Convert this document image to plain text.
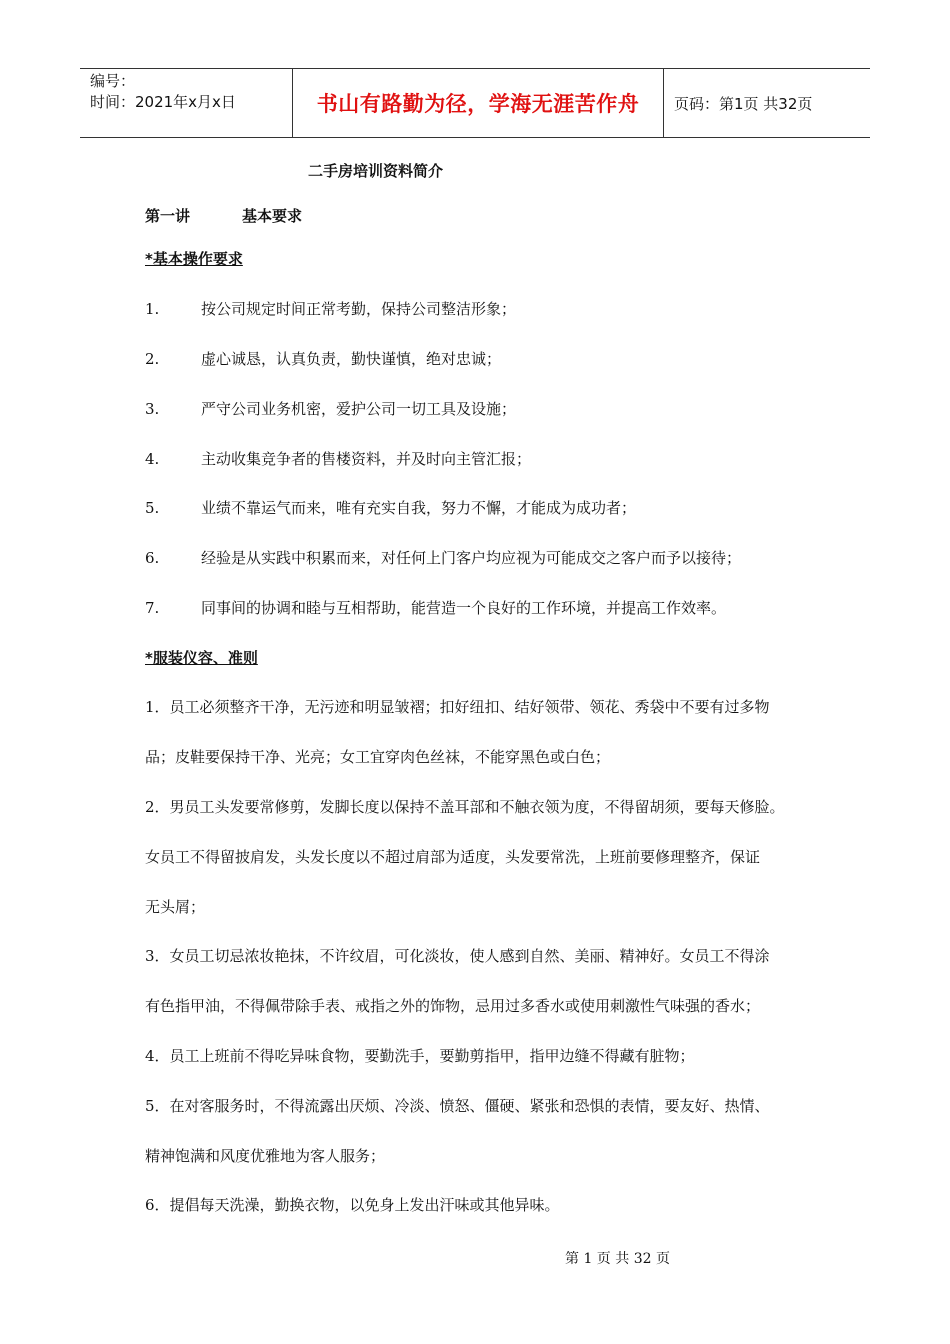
编号：
时间：2021年x月x日	书山有路勤为径，学海无涯苦作舟	页码：第1页 共32页
二手房培训资料简介
第一讲	基本要求
*基本操作要求
1.	按公司规定时间正常考勤，保持公司整洁形象；
2.	虚心诚恳，认真负责，勤快谨慎，绝对忠诚；
3.	严守公司业务机密，爱护公司一切工具及设施；
4.	主动收集竞争者的售楼资料，并及时向主管汇报；
5.	业绩不靠运气而来，唯有充实自我，努力不懈，才能成为成功者；
6.	经验是从实践中积累而来，对任何上门客户均应视为可能成交之客户而予以接待；
7.	同事间的协调和睦与互相帮助，能营造一个良好的工作环境，并提高工作效率。
*服装仪容、准则
1．员工必须整齐干净，无污迹和明显皱褶；扣好纽扣、结好领带、领花、秀袋中不要有过多物
品；皮鞋要保持干净、光亮；女工宜穿肉色丝袜，不能穿黑色或白色；
2．男员工头发要常修剪，发脚长度以保持不盖耳部和不触衣领为度，不得留胡须，要每天修脸。
女员工不得留披肩发，头发长度以不超过肩部为适度，头发要常洗，上班前要修理整齐，保证
无头屑；
3．女员工切忌浓妆艳抹，不许纹眉，可化淡妆，使人感到自然、美丽、精神好。女员工不得涂
有色指甲油，不得佩带除手表、戒指之外的饰物，忌用过多香水或使用刺激性气味强的香水；
4．员工上班前不得吃异味食物，要勤洗手，要勤剪指甲，指甲边缝不得藏有脏物；
5．在对客服务时，不得流露出厌烦、冷淡、愤怒、僵硬、紧张和恐惧的表情，要友好、热情、
精神饱满和风度优雅地为客人服务；
6．提倡每天洗澡，勤换衣物，以免身上发出汗味或其他异味。
第 1 页 共 32 页
